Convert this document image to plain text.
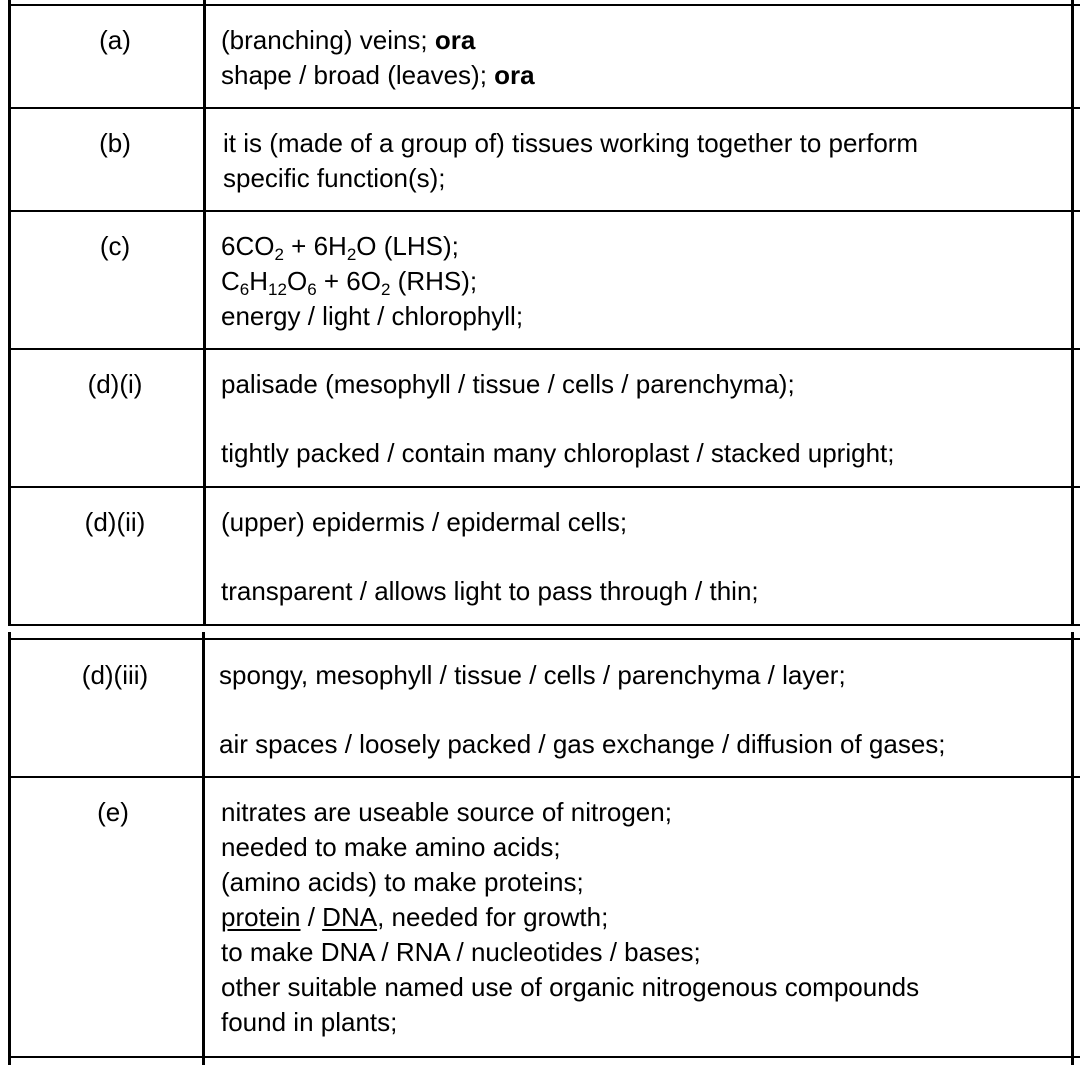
(a)	(branching) veins; ora
shape / broad (leaves); ora
(b)	it is (made of a group of) tissues working together to perform
specific function(s);
(c)	$6CO_2 + 6H_2O$ (LHS);
$C_6H_{12}O_6 + 6O_2$ (RHS);
energy / light / chlorophyll;
(d)(i)	palisade (mesophyll / tissue / cells / parenchyma);
tightly packed / contain many chloroplast / stacked upright;
(d)(ii)	(upper) epidermis / epidermal cells;
transparent / allows light to pass through / thin;
(d)(iii)	spongy, mesophyll / tissue / cells / parenchyma / layer;
air spaces / loosely packed / gas exchange / diffusion of gases;
(e)	nitrates are useable source of nitrogen;
needed to make amino acids;
(amino acids) to make proteins;
protein / DNA, needed for growth;
to make DNA / RNA / nucleotides / bases;
other suitable named use of organic nitrogenous compounds
found in plants;
